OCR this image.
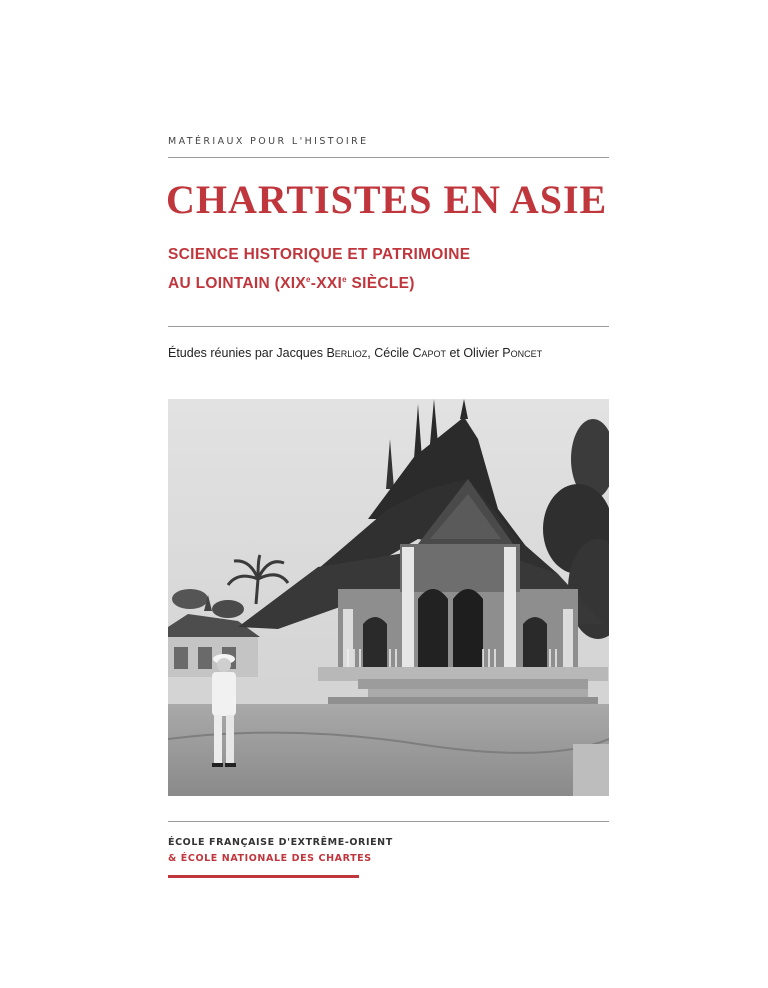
MATÉRIAUX POUR L'HISTOIRE
CHARTISTES EN ASIE
SCIENCE HISTORIQUE ET PATRIMOINE
AU LOINTAIN (XIXe-XXIe SIÈCLE)
Études réunies par Jacques Berlioz, Cécile Capot et Olivier Poncet
ÉCOLE FRANÇAISE D'EXTRÊME-ORIENT
& ÉCOLE NATIONALE DES CHARTES
